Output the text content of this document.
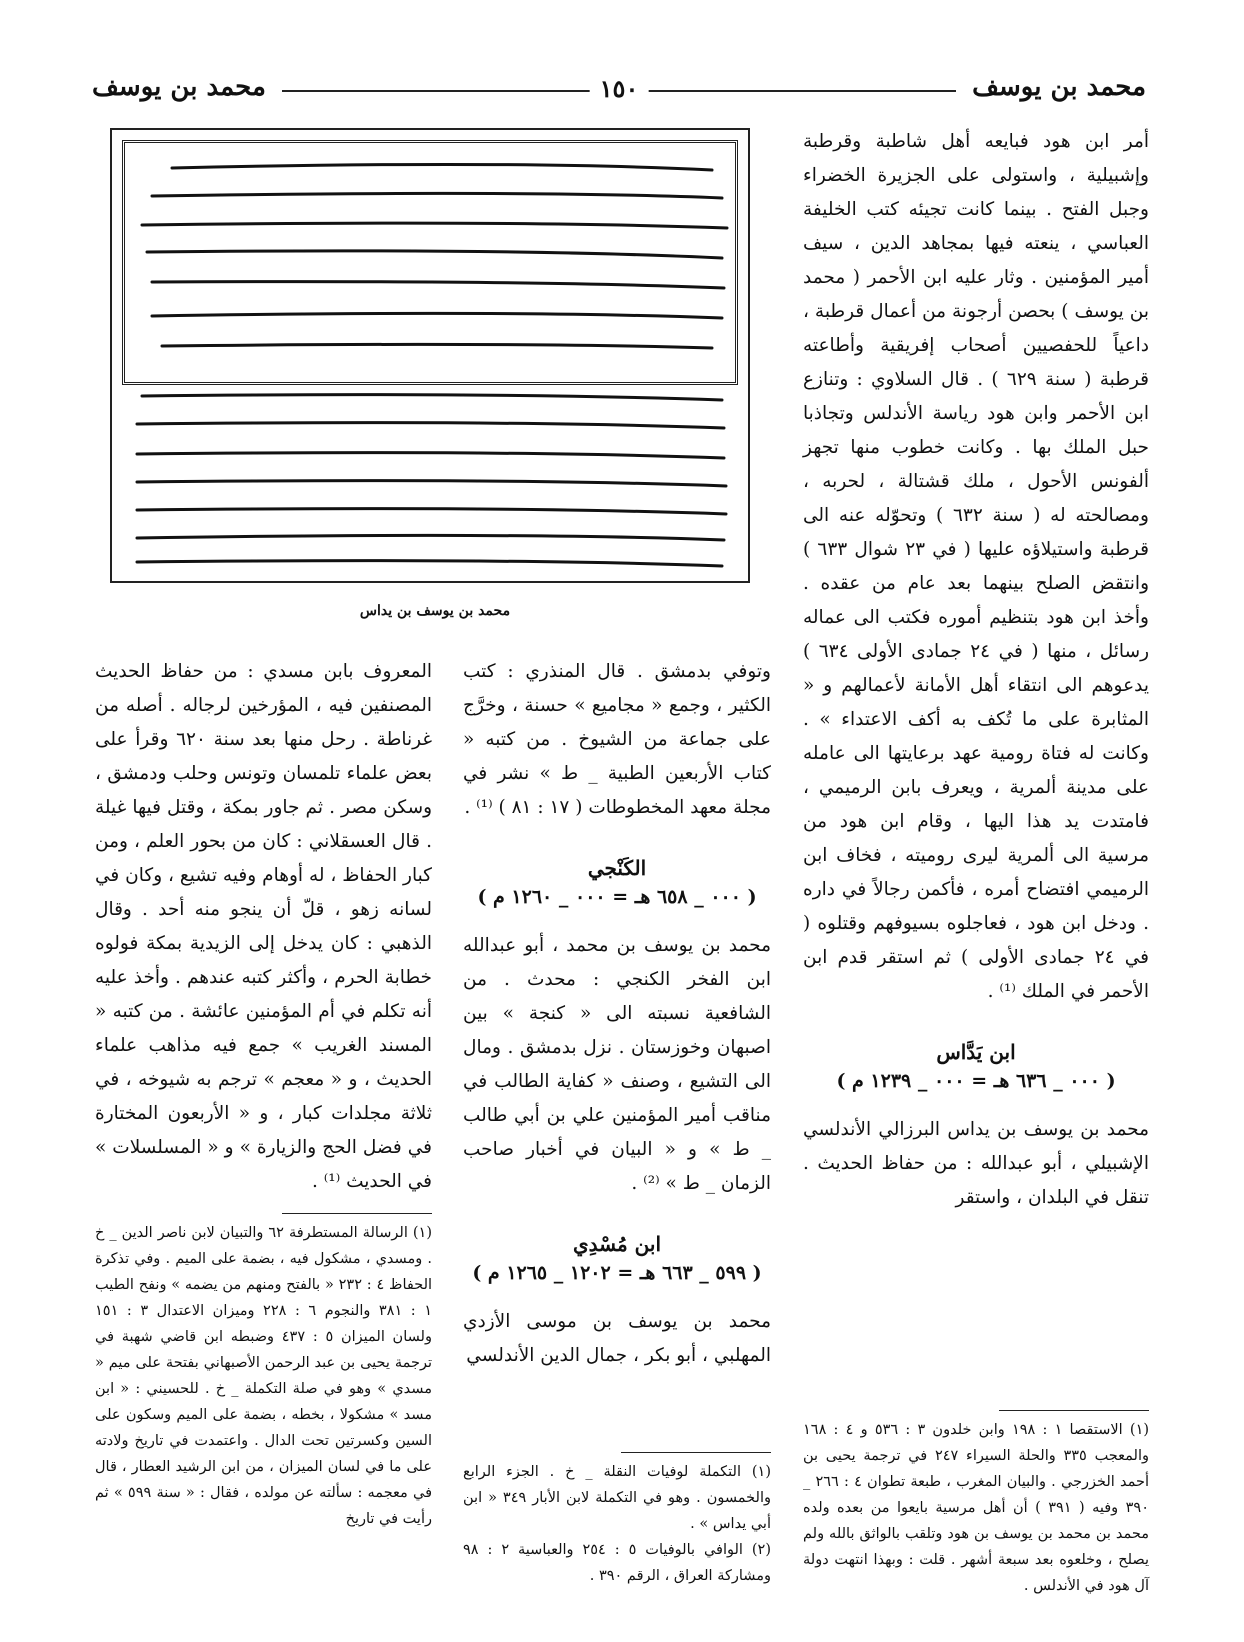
محمد بن يوسف
١٥٠
محمد بن يوسف

أمر ابن هود فبايعه أهل شاطبة وقرطبة وإشبيلية ، واستولى على الجزيرة الخضراء وجبل الفتح . بينما كانت تجيئه كتب الخليفة العباسي ، ينعته فيها بمجاهد الدين ، سيف أمير المؤمنين . وثار عليه ابن الأحمر ( محمد بن يوسف ) بحصن أرجونة من أعمال قرطبة ، داعياً للحفصيين أصحاب إفريقية وأطاعته قرطبة ( سنة ٦٢٩ ) . قال السلاوي : وتنازع ابن الأحمر وابن هود رياسة الأندلس وتجاذبا حبل الملك بها . وكانت خطوب منها تجهز ألفونس الأحول ، ملك قشتالة ، لحربه ، ومصالحته له ( سنة ٦٣٢ ) وتحوّله عنه الى قرطبة واستيلاؤه عليها ( في ٢٣ شوال ٦٣٣ ) وانتقض الصلح بينهما بعد عام من عقده . وأخذ ابن هود بتنظيم أموره فكتب الى عماله رسائل ، منها ( في ٢٤ جمادى الأولى ٦٣٤ ) يدعوهم الى انتقاء أهل الأمانة لأعمالهم و « المثابرة على ما تُكف به أكف الاعتداء » . وكانت له فتاة رومية عهد برعايتها الى عامله على مدينة ألمرية ، ويعرف بابن الرميمي ، فامتدت يد هذا اليها ، وقام ابن هود من مرسية الى ألمرية ليرى روميته ، فخاف ابن الرميمي افتضاح أمره ، فأكمن رجالاً في داره . ودخل ابن هود ، فعاجلوه بسيوفهم وقتلوه ( في ٢٤ جمادى الأولى ) ثم استقر قدم ابن الأحمر في الملك ⁽¹⁾ .

ابن يَدَّاس
( ٠٠٠ _ ٦٣٦ هـ = ٠٠٠ _ ١٢٣٩ م )

محمد بن يوسف بن يداس البرزالي الأندلسي الإشبيلي ، أبو عبدالله : من حفاظ الحديث . تنقل في البلدان ، واستقر

(١) الاستقصا ١ : ١٩٨ وابن خلدون ٣ : ٥٣٦ و ٤ : ١٦٨ والمعجب ٣٣٥ والحلة السيراء ٢٤٧ في ترجمة يحيى بن أحمد الخزرجي . والبيان المغرب ، طبعة تطوان ٤ : ٢٦٦ _ ٣٩٠ وفيه ( ٣٩١ ) أن أهل مرسية بايعوا من بعده ولده محمد بن محمد بن يوسف بن هود وتلقب بالواثق بالله ولم يصلح ، وخلعوه بعد سبعة أشهر . قلت : وبهذا انتهت دولة آل هود في الأندلس .

محمد بن يوسف بن يداس

وتوفي بدمشق . قال المنذري : كتب الكثير ، وجمع « مجاميع » حسنة ، وخرَّج على جماعة من الشيوخ . من كتبه « كتاب الأربعين الطبية _ ط » نشر في مجلة معهد المخطوطات ( ١٧ : ٨١ ) ⁽¹⁾ .

الكَنْجي
( ٠٠٠ _ ٦٥٨ هـ = ٠٠٠ _ ١٢٦٠ م )

محمد بن يوسف بن محمد ، أبو عبدالله ابن الفخر الكنجي : محدث . من الشافعية نسبته الى « كنجة » بين اصبهان وخوزستان . نزل بدمشق . ومال الى التشيع ، وصنف « كفاية الطالب في مناقب أمير المؤمنين علي بن أبي طالب _ ط » و « البيان في أخبار صاحب الزمان _ ط » ⁽²⁾ .

ابن مُسْدِي
( ٥٩٩ _ ٦٦٣ هـ = ١٢٠٢ _ ١٢٦٥ م )

محمد بن يوسف بن موسى الأزدي المهلبي ، أبو بكر ، جمال الدين الأندلسي

(١) التكملة لوفيات النقلة _ خ . الجزء الرابع والخمسون . وهو في التكملة لابن الأبار ٣٤٩ « ابن أبي يداس » .

(٢) الوافي بالوفيات ٥ : ٢٥٤ والعباسية ٢ : ٩٨ ومشاركة العراق ، الرقم ٣٩٠ .

المعروف بابن مسدي : من حفاظ الحديث المصنفين فيه ، المؤرخين لرجاله . أصله من غرناطة . رحل منها بعد سنة ٦٢٠ وقرأ على بعض علماء تلمسان وتونس وحلب ودمشق ، وسكن مصر . ثم جاور بمكة ، وقتل فيها غيلة . قال العسقلاني : كان من بحور العلم ، ومن كبار الحفاظ ، له أوهام وفيه تشيع ، وكان في لسانه زهو ، قلّ أن ينجو منه أحد . وقال الذهبي : كان يدخل إلى الزيدية بمكة فولوه خطابة الحرم ، وأكثر كتبه عندهم . وأخذ عليه أنه تكلم في أم المؤمنين عائشة . من كتبه « المسند الغريب » جمع فيه مذاهب علماء الحديث ، و « معجم » ترجم به شيوخه ، في ثلاثة مجلدات كبار ، و « الأربعون المختارة في فضل الحج والزيارة » و « المسلسلات » في الحديث ⁽¹⁾ .

(١) الرسالة المستطرفة ٦٢ والتبيان لابن ناصر الدين _ خ . ومسدي ، مشكول فيه ، بضمة على الميم . وفي تذكرة الحفاظ ٤ : ٢٣٢ « بالفتح ومنهم من يضمه » ونفح الطيب ١ : ٣٨١ والنجوم ٦ : ٢٢٨ وميزان الاعتدال ٣ : ١٥١ ولسان الميزان ٥ : ٤٣٧ وضبطه ابن قاضي شهبة في ترجمة يحيى بن عبد الرحمن الأصبهاني بفتحة على ميم « مسدي » وهو في صلة التكملة _ خ . للحسيني : « ابن مسد » مشكولا ، بخطه ، بضمة على الميم وسكون على السين وكسرتين تحت الدال . واعتمدت في تاريخ ولادته على ما في لسان الميزان ، من ابن الرشيد العطار ، قال في معجمه : سألته عن مولده ، فقال : « سنة ٥٩٩ » ثم رأيت في تاريخ
